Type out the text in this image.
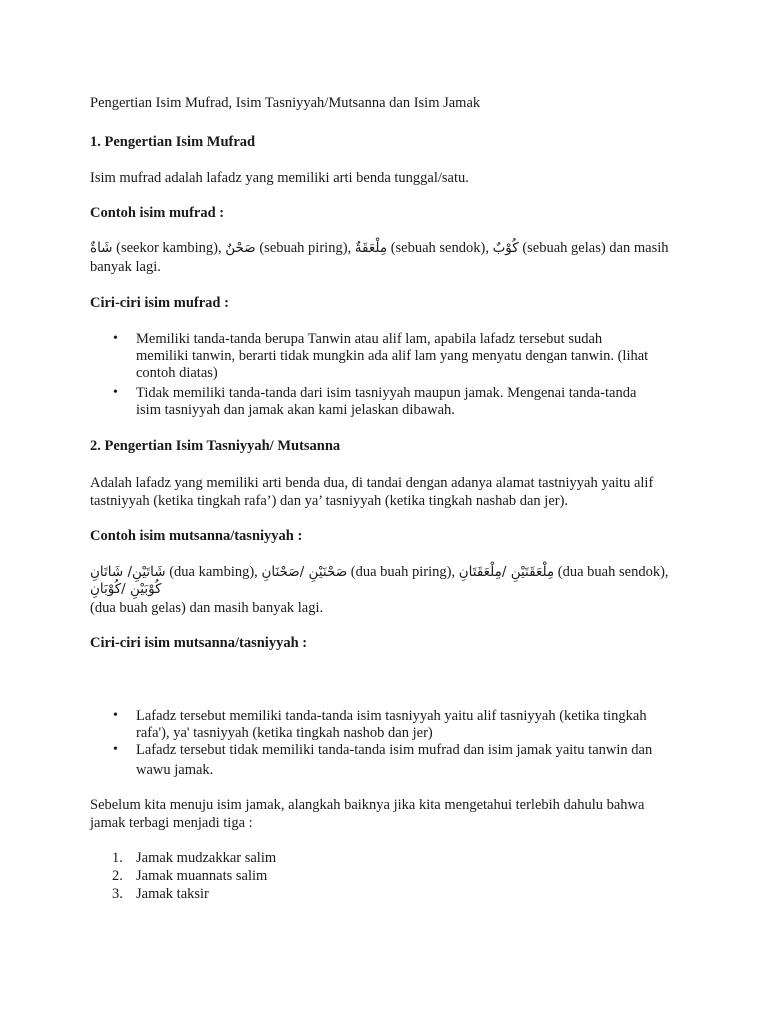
Pengertian Isim Mufrad, Isim Tasniyyah/Mutsanna dan Isim Jamak
1. Pengertian Isim Mufrad
Isim mufrad adalah lafadz yang memiliki arti benda tunggal/satu.
Contoh isim mufrad :
شَاةٌ (seekor kambing), صَحْنٌ (sebuah piring), مِلْعَقَةٌ (sebuah sendok), كُوْبٌ (sebuah gelas) dan masih
banyak lagi.
Ciri-ciri isim mufrad :
• Memiliki tanda-tanda berupa Tanwin atau alif lam, apabila lafadz tersebut sudah
memiliki tanwin, berarti tidak mungkin ada alif lam yang menyatu dengan tanwin. (lihat
contoh diatas)
• Tidak memiliki tanda-tanda dari isim tasniyyah maupun jamak. Mengenai tanda-tanda
isim tasniyyah dan jamak akan kami jelaskan dibawah.
2. Pengertian Isim Tasniyyah/ Mutsanna
Adalah lafadz yang memiliki arti benda dua, di tandai dengan adanya alamat tastniyyah yaitu alif
tastniyyah (ketika tingkah rafa’) dan ya’ tasniyyah (ketika tingkah nashab dan jer).
Contoh isim mutsanna/tasniyyah :
شَاتَيْنِ/ شَاتَانِ (dua kambing), صَحْنَيْنِ /صَحْنَانِ (dua buah piring), مِلْعَقَتَيْنِ /مِلْعَقَتَانِ (dua buah sendok),
كُوْبَيْنِ /كُوْبَانِ
(dua buah gelas) dan masih banyak lagi.
Ciri-ciri isim mutsanna/tasniyyah :
• Lafadz tersebut memiliki tanda-tanda isim tasniyyah yaitu alif tasniyyah (ketika tingkah
rafa'), ya' tasniyyah (ketika tingkah nashob dan jer)
• Lafadz tersebut tidak memiliki tanda-tanda isim mufrad dan isim jamak yaitu tanwin dan
wawu jamak.
Sebelum kita menuju isim jamak, alangkah baiknya jika kita mengetahui terlebih dahulu bahwa
jamak terbagi menjadi tiga :
1. Jamak mudzakkar salim
2. Jamak muannats salim
3. Jamak taksir
